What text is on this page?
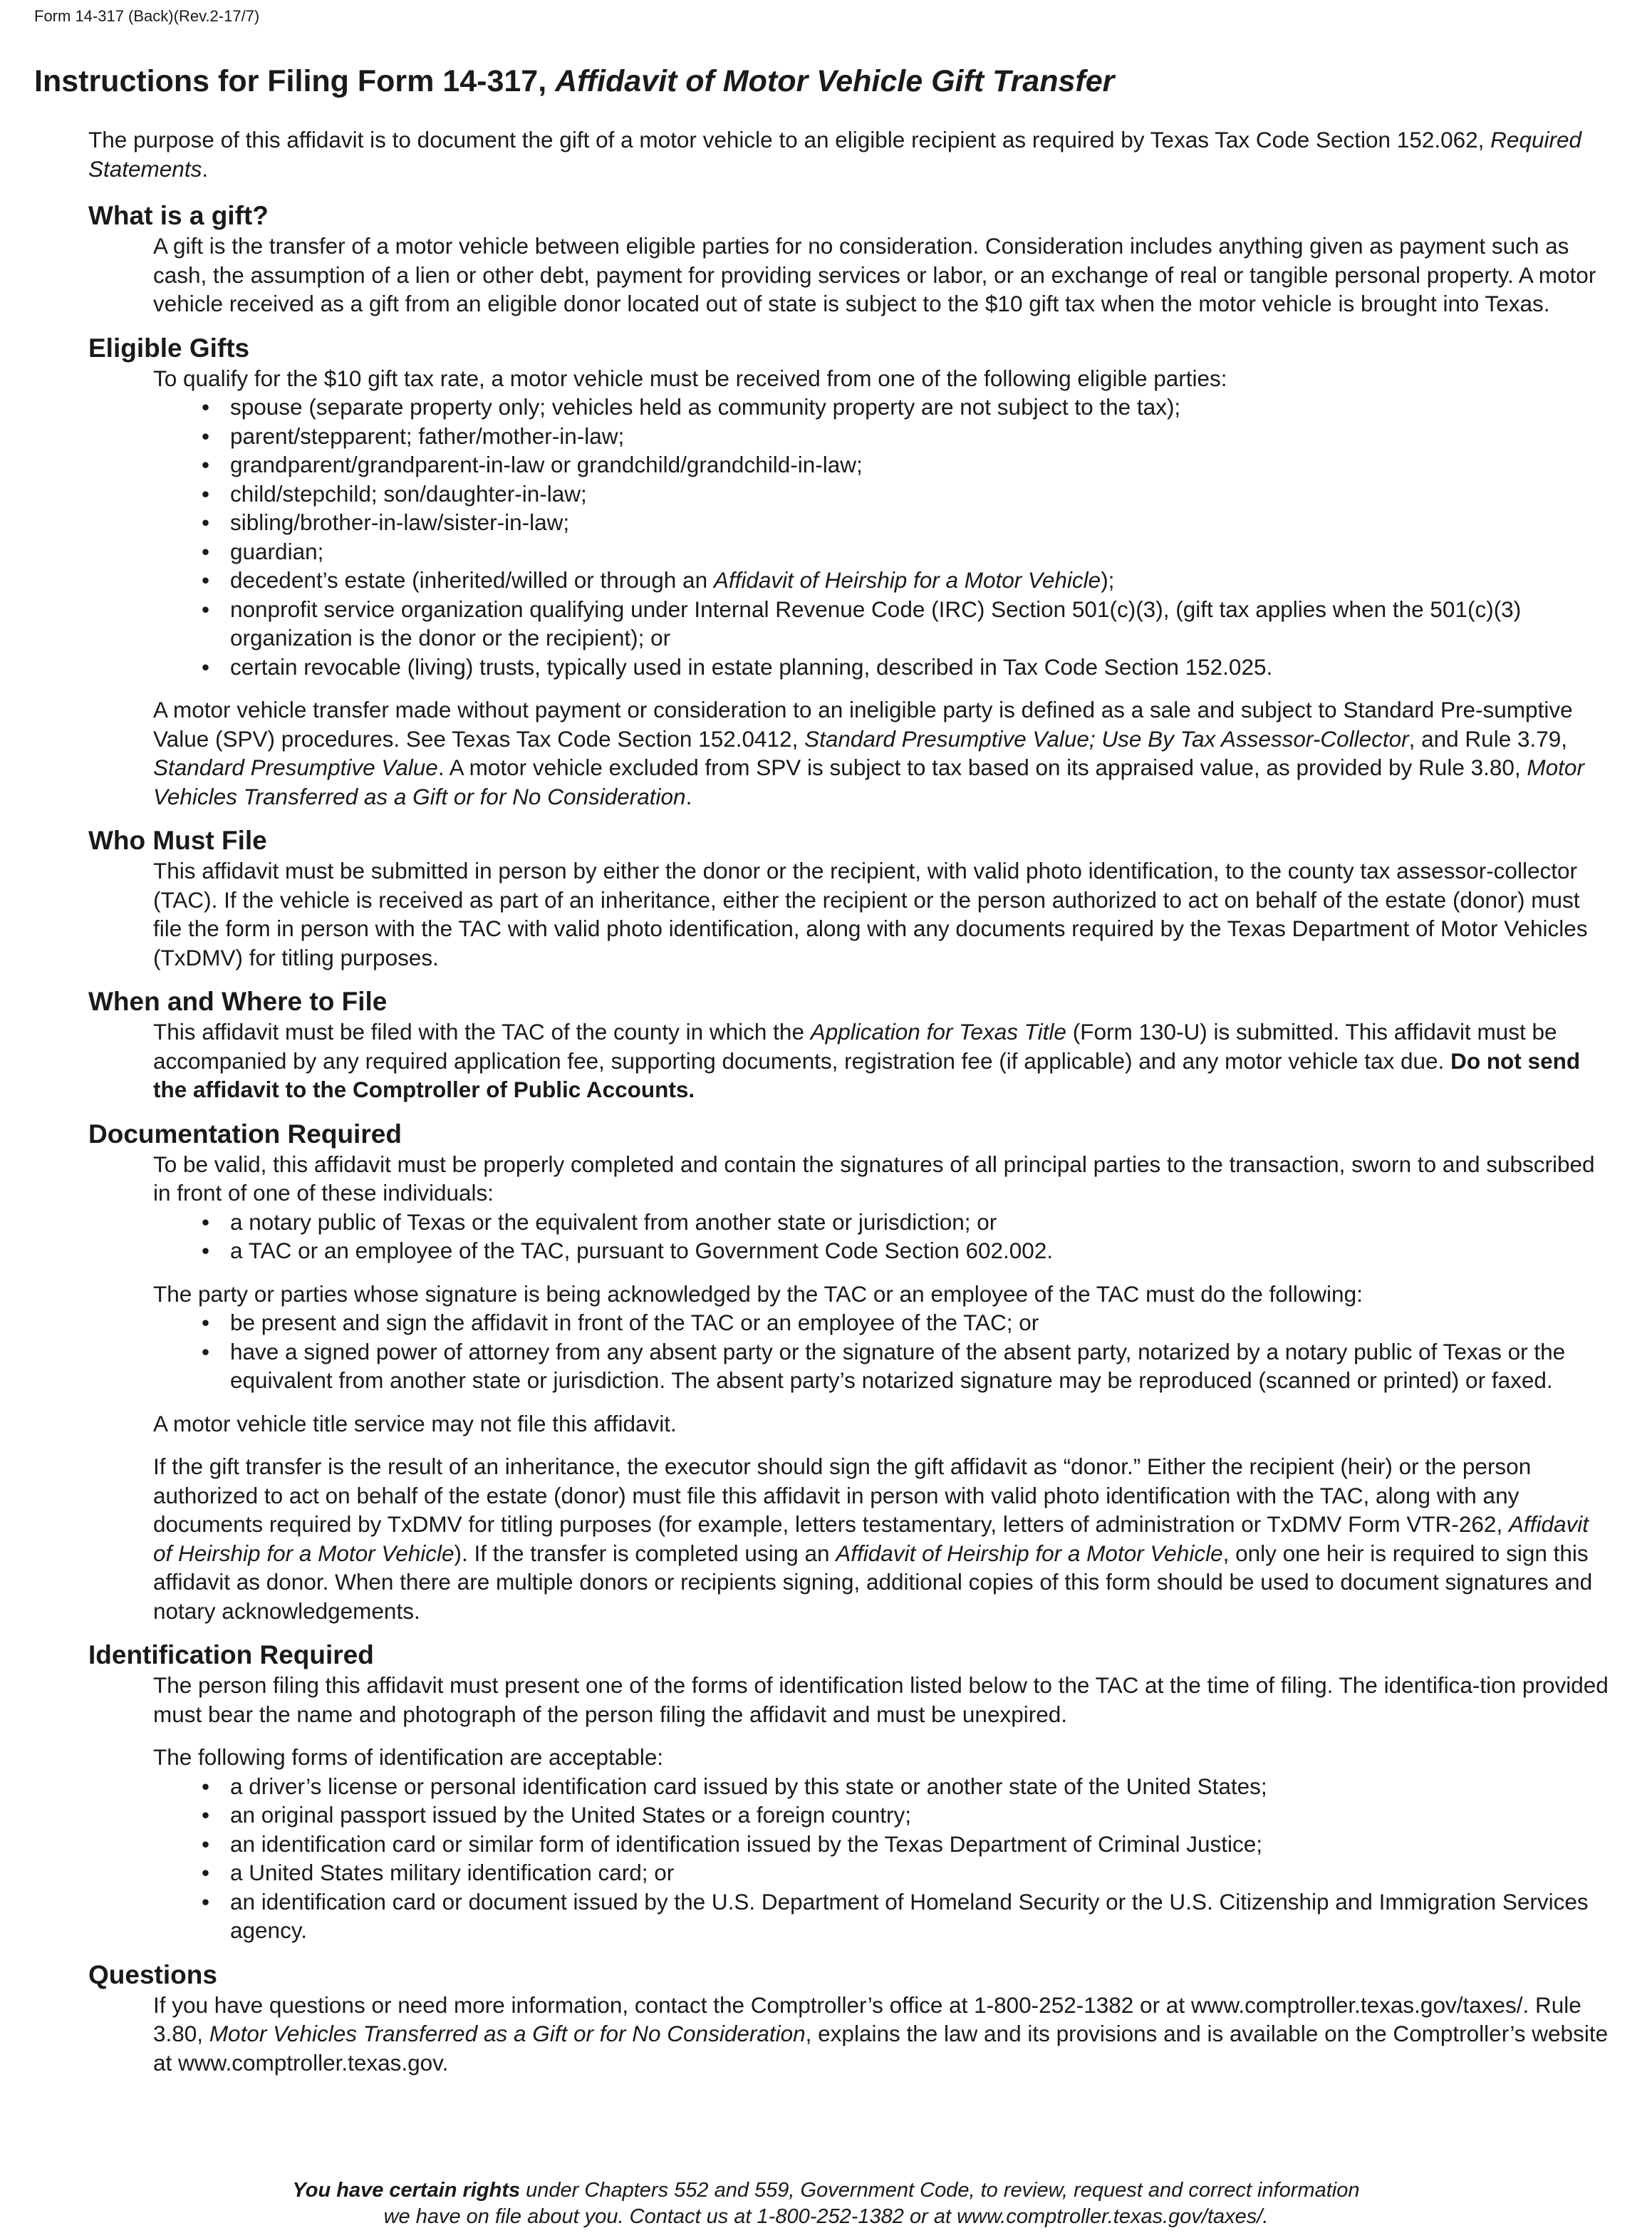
Form 14-317 (Back)(Rev.2-17/7)
Instructions for Filing Form 14-317, Affidavit of Motor Vehicle Gift Transfer

The purpose of this affidavit is to document the gift of a motor vehicle to an eligible recipient as required by Texas Tax Code Section 152.062, Required Statements.

What is a gift?

A gift is the transfer of a motor vehicle between eligible parties for no consideration. Consideration includes anything given as payment such as cash, the assumption of a lien or other debt, payment for providing services or labor, or an exchange of real or tangible personal property. A motor vehicle received as a gift from an eligible donor located out of state is subject to the $10 gift tax when the motor vehicle is brought into Texas.

Eligible Gifts

To qualify for the $10 gift tax rate, a motor vehicle must be received from one of the following eligible parties:

• spouse (separate property only; vehicles held as community property are not subject to the tax);
• parent/stepparent; father/mother-in-law;
• grandparent/grandparent-in-law or grandchild/grandchild-in-law;
• child/stepchild; son/daughter-in-law;
• sibling/brother-in-law/sister-in-law;
• guardian;
• decedent’s estate (inherited/willed or through an Affidavit of Heirship for a Motor Vehicle);
• nonprofit service organization qualifying under Internal Revenue Code (IRC) Section 501(c)(3), (gift tax applies when the 501(c)(3) organization is the donor or the recipient); or
• certain revocable (living) trusts, typically used in estate planning, described in Tax Code Section 152.025.

A motor vehicle transfer made without payment or consideration to an ineligible party is defined as a sale and subject to Standard Pre-sumptive Value (SPV) procedures. See Texas Tax Code Section 152.0412, Standard Presumptive Value; Use By Tax Assessor-Collector, and Rule 3.79, Standard Presumptive Value. A motor vehicle excluded from SPV is subject to tax based on its appraised value, as provided by Rule 3.80, Motor Vehicles Transferred as a Gift or for No Consideration.

Who Must File

This affidavit must be submitted in person by either the donor or the recipient, with valid photo identification, to the county tax assessor-collector (TAC). If the vehicle is received as part of an inheritance, either the recipient or the person authorized to act on behalf of the estate (donor) must file the form in person with the TAC with valid photo identification, along with any documents required by the Texas Department of Motor Vehicles (TxDMV) for titling purposes.

When and Where to File

This affidavit must be filed with the TAC of the county in which the Application for Texas Title (Form 130-U) is submitted. This affidavit must be accompanied by any required application fee, supporting documents, registration fee (if applicable) and any motor vehicle tax due. Do not send the affidavit to the Comptroller of Public Accounts.

Documentation Required

To be valid, this affidavit must be properly completed and contain the signatures of all principal parties to the transaction, sworn to and subscribed in front of one of these individuals:

• a notary public of Texas or the equivalent from another state or jurisdiction; or
• a TAC or an employee of the TAC, pursuant to Government Code Section 602.002.

The party or parties whose signature is being acknowledged by the TAC or an employee of the TAC must do the following:

• be present and sign the affidavit in front of the TAC or an employee of the TAC; or
• have a signed power of attorney from any absent party or the signature of the absent party, notarized by a notary public of Texas or the equivalent from another state or jurisdiction. The absent party’s notarized signature may be reproduced (scanned or printed) or faxed.

A motor vehicle title service may not file this affidavit.

If the gift transfer is the result of an inheritance, the executor should sign the gift affidavit as “donor.” Either the recipient (heir) or the person authorized to act on behalf of the estate (donor) must file this affidavit in person with valid photo identification with the TAC, along with any documents required by TxDMV for titling purposes (for example, letters testamentary, letters of administration or TxDMV Form VTR-262, Affidavit of Heirship for a Motor Vehicle). If the transfer is completed using an Affidavit of Heirship for a Motor Vehicle, only one heir is required to sign this affidavit as donor. When there are multiple donors or recipients signing, additional copies of this form should be used to document signatures and notary acknowledgements.

Identification Required

The person filing this affidavit must present one of the forms of identification listed below to the TAC at the time of filing. The identifica-tion provided must bear the name and photograph of the person filing the affidavit and must be unexpired.

The following forms of identification are acceptable:

• a driver’s license or personal identification card issued by this state or another state of the United States;
• an original passport issued by the United States or a foreign country;
• an identification card or similar form of identification issued by the Texas Department of Criminal Justice;
• a United States military identification card; or
• an identification card or document issued by the U.S. Department of Homeland Security or the U.S. Citizenship and Immigration Services agency.
Questions

If you have questions or need more information, contact the Comptroller’s office at 1-800-252-1382 or at www.comptroller.texas.gov/taxes/. Rule 3.80, Motor Vehicles Transferred as a Gift or for No Consideration, explains the law and its provisions and is available on the Comptroller’s website at www.comptroller.texas.gov.

You have certain rights under Chapters 552 and 559, Government Code, to review, request and correct information
we have on file about you. Contact us at 1-800-252-1382 or at www.comptroller.texas.gov/taxes/.
